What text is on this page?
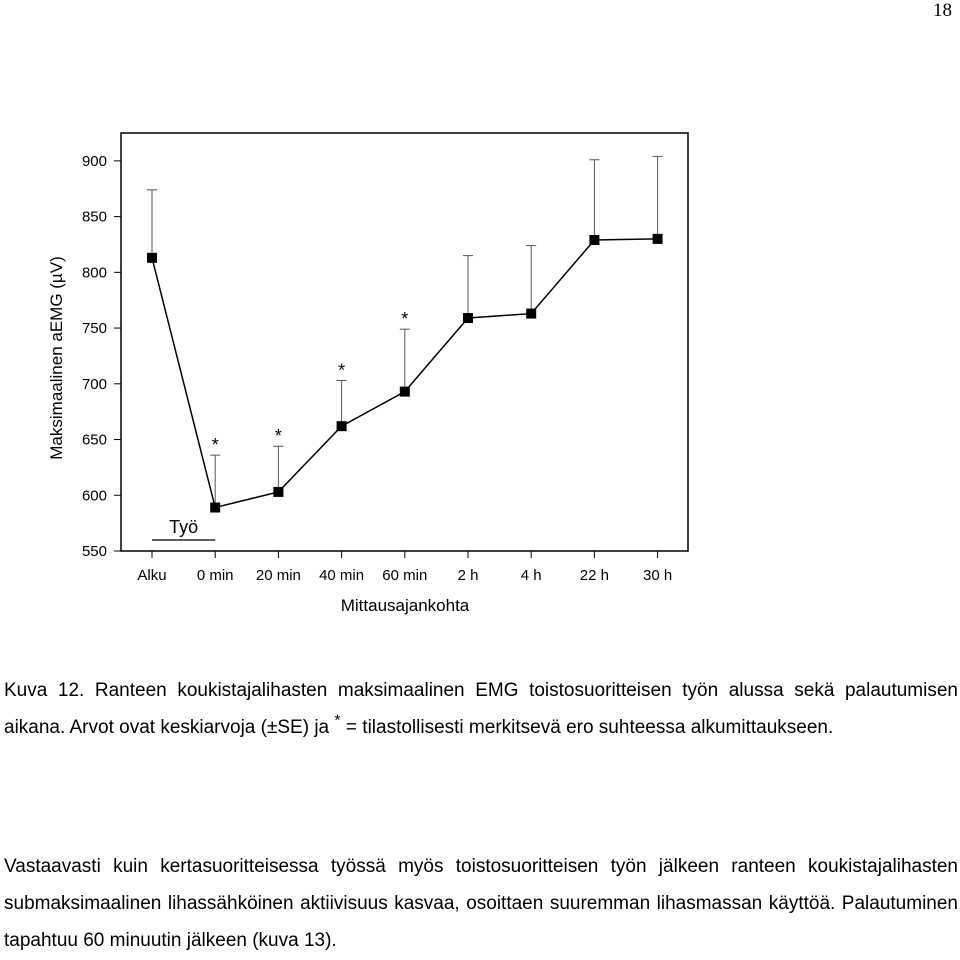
18
550
600
650
700
750
800
850
900
Alku 0 min 20 min 40 min 60 min 2 h	4 h	22 h 30 h
*	*
*
*
Työ
Mittausajankohta
Maksimaalinen aEMG (µV)

Kuva 12. Ranteen koukistajalihasten maksimaalinen EMG toistosuoritteisen työn alussa sekä palautumisen aikana. Arvot ovat keskiarvoja (±SE) ja * = tilastollisesti merkitsevä ero suhteessa alkumittaukseen.

Vastaavasti kuin kertasuoritteisessa työssä myös toistosuoritteisen työn jälkeen ranteen koukistajalihasten submaksimaalinen lihassähköinen aktiivisuus kasvaa, osoittaen suuremman lihasmassan käyttöä. Palautuminen tapahtuu 60 minuutin jälkeen (kuva 13).
